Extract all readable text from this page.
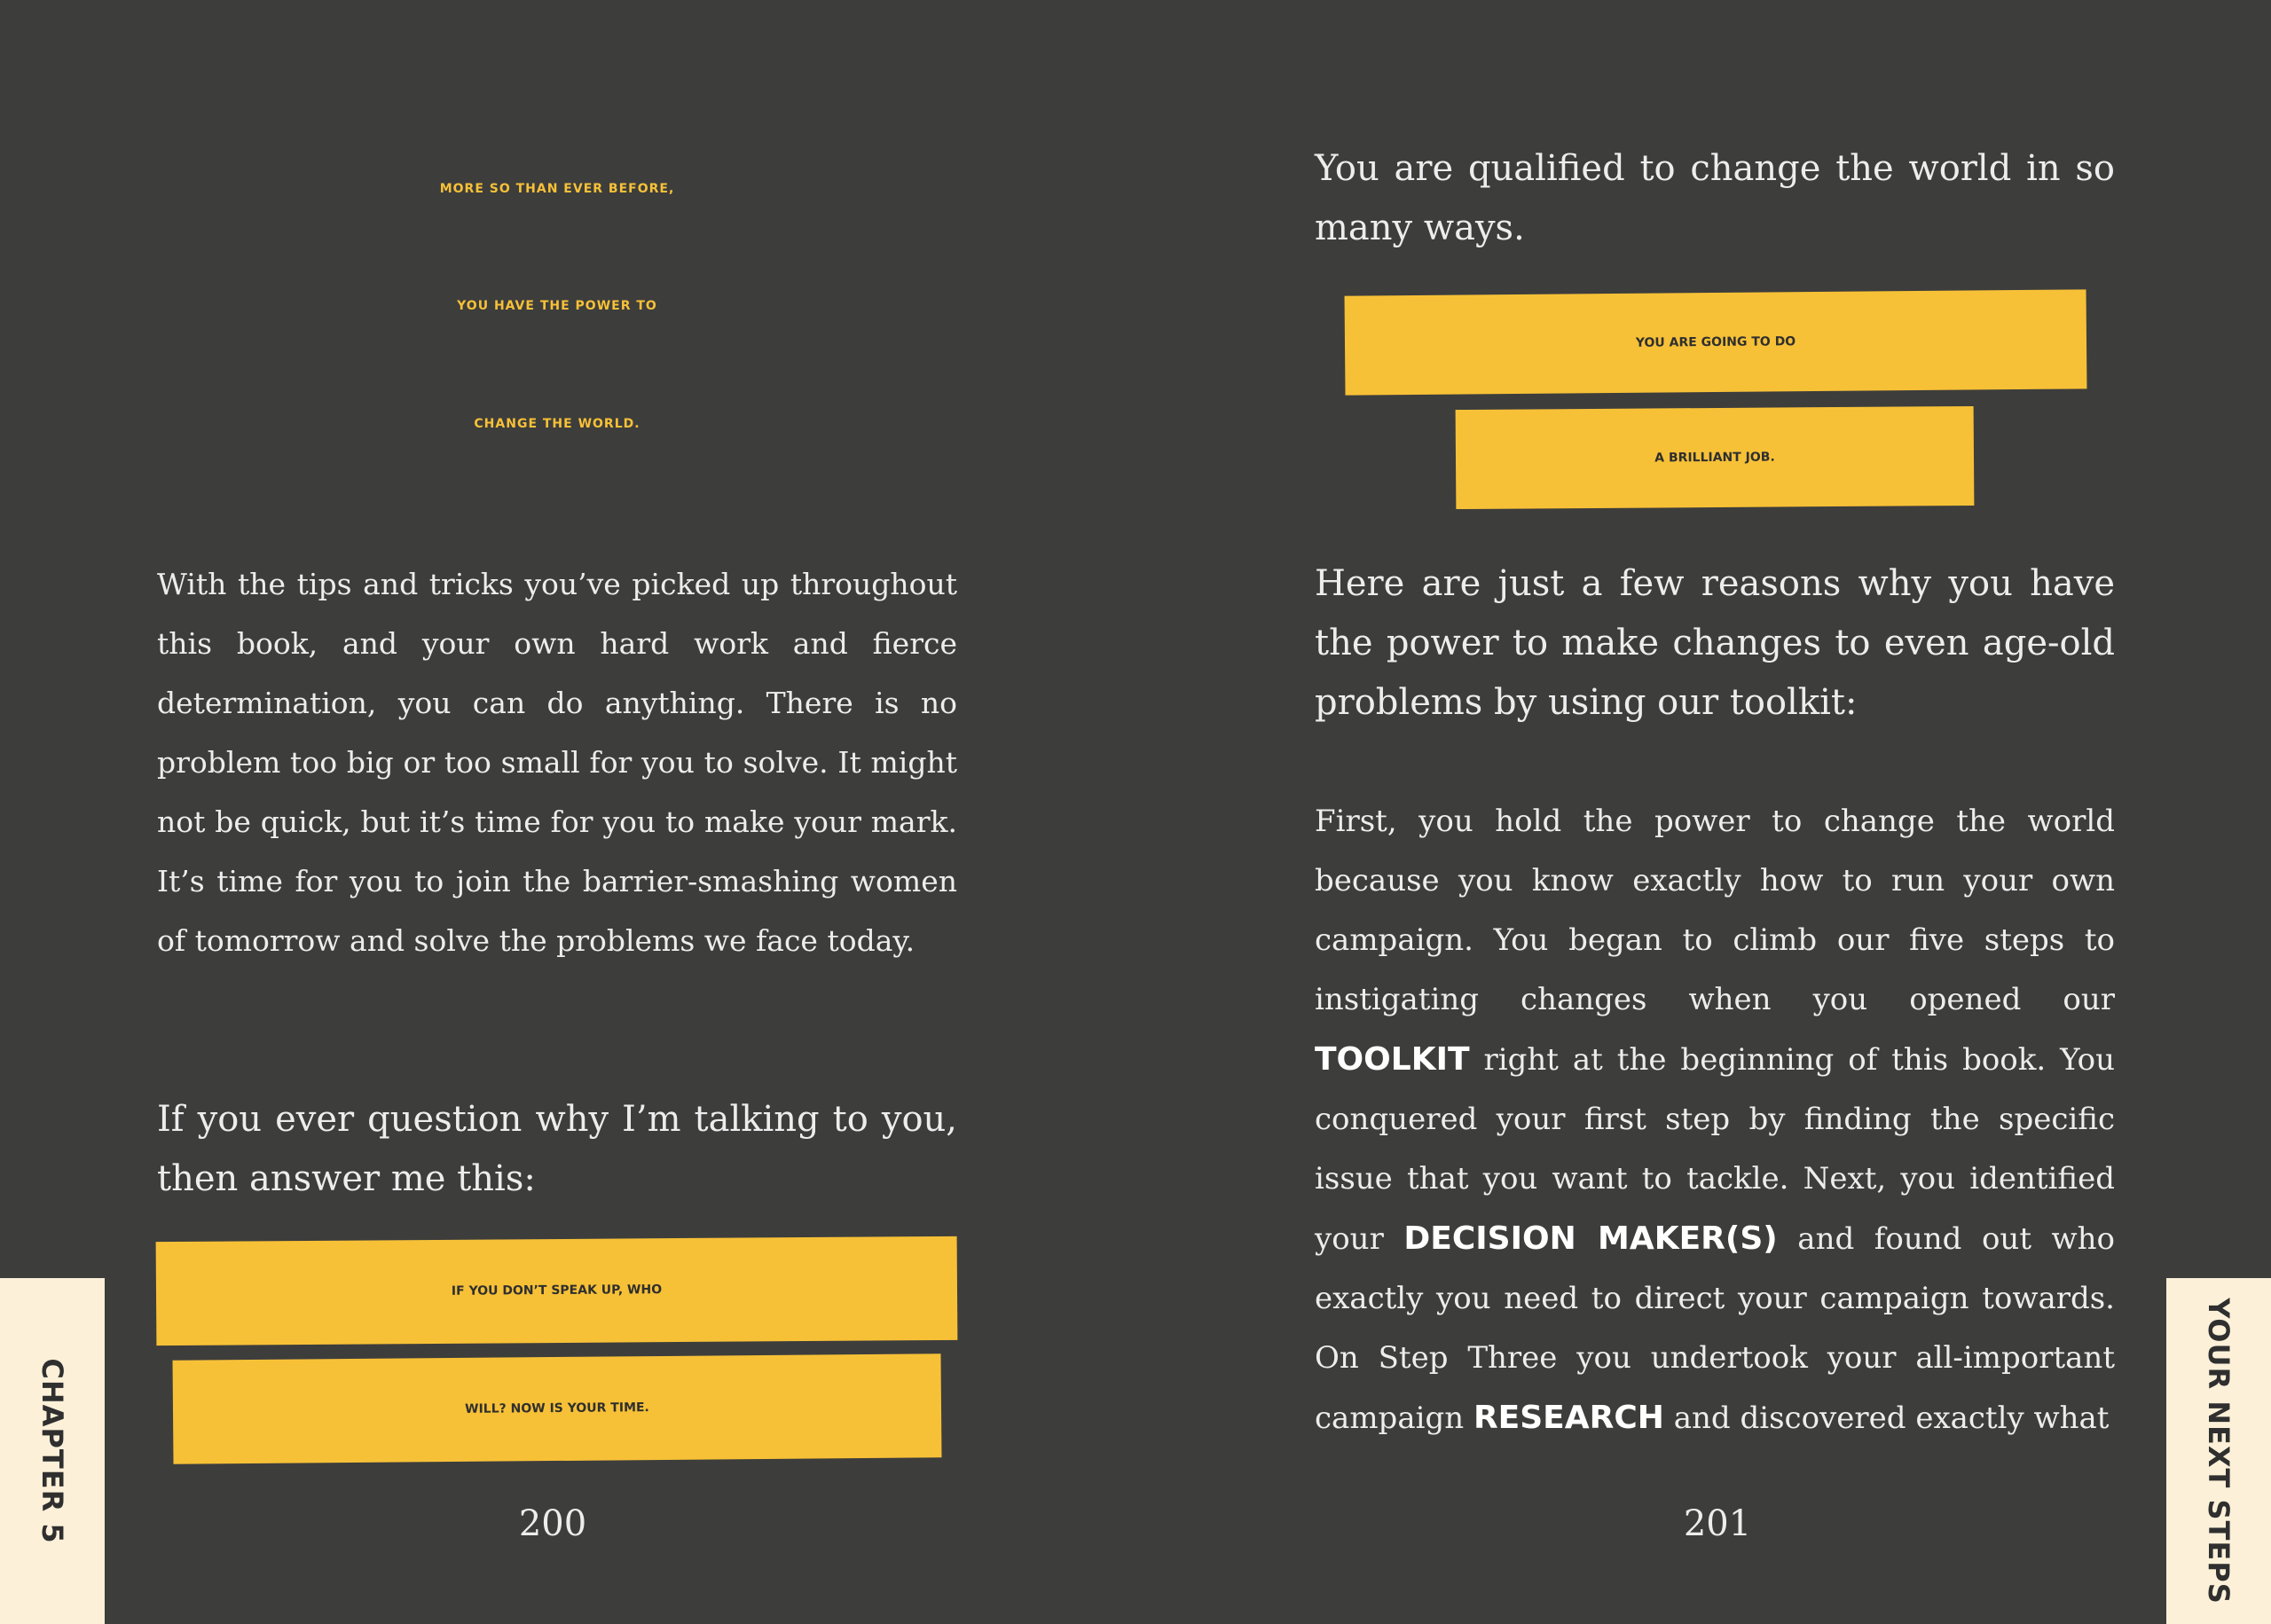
MORE SO THAN EVER BEFORE,
YOU HAVE THE POWER TO
CHANGE THE WORLD.

With the tips and tricks you’ve picked up throughout this book, and your own hard work and fierce determination, you can do anything. There is no problem too big or too small for you to solve. It might not be quick, but it’s time for you to make your mark. It’s time for you to join the barrier-smashing women of tomorrow and solve the problems we face today.

If you ever question why I’m talking to you, then answer me this:

IF YOU DON’T SPEAK UP, WHO
WILL? NOW IS YOUR TIME.
200
CHAPTER 5

You are qualified to change the world in so many ways.

YOU ARE GOING TO DO
A BRILLIANT JOB.

Here are just a few reasons why you have the power to make changes to even age-old problems by using our toolkit:

First, you hold the power to change the world because you know exactly how to run your own campaign. You began to climb our five steps to instigating changes when you opened our TOOLKIT right at the beginning of this book. You conquered your first step by finding the specific issue that you want to tackle. Next, you identified your DECISION MAKER(S) and found out who exactly you need to direct your campaign towards. On Step Three you undertook your all-important campaign RESEARCH and discovered exactly what

201	YOUR NEXT STEPS
